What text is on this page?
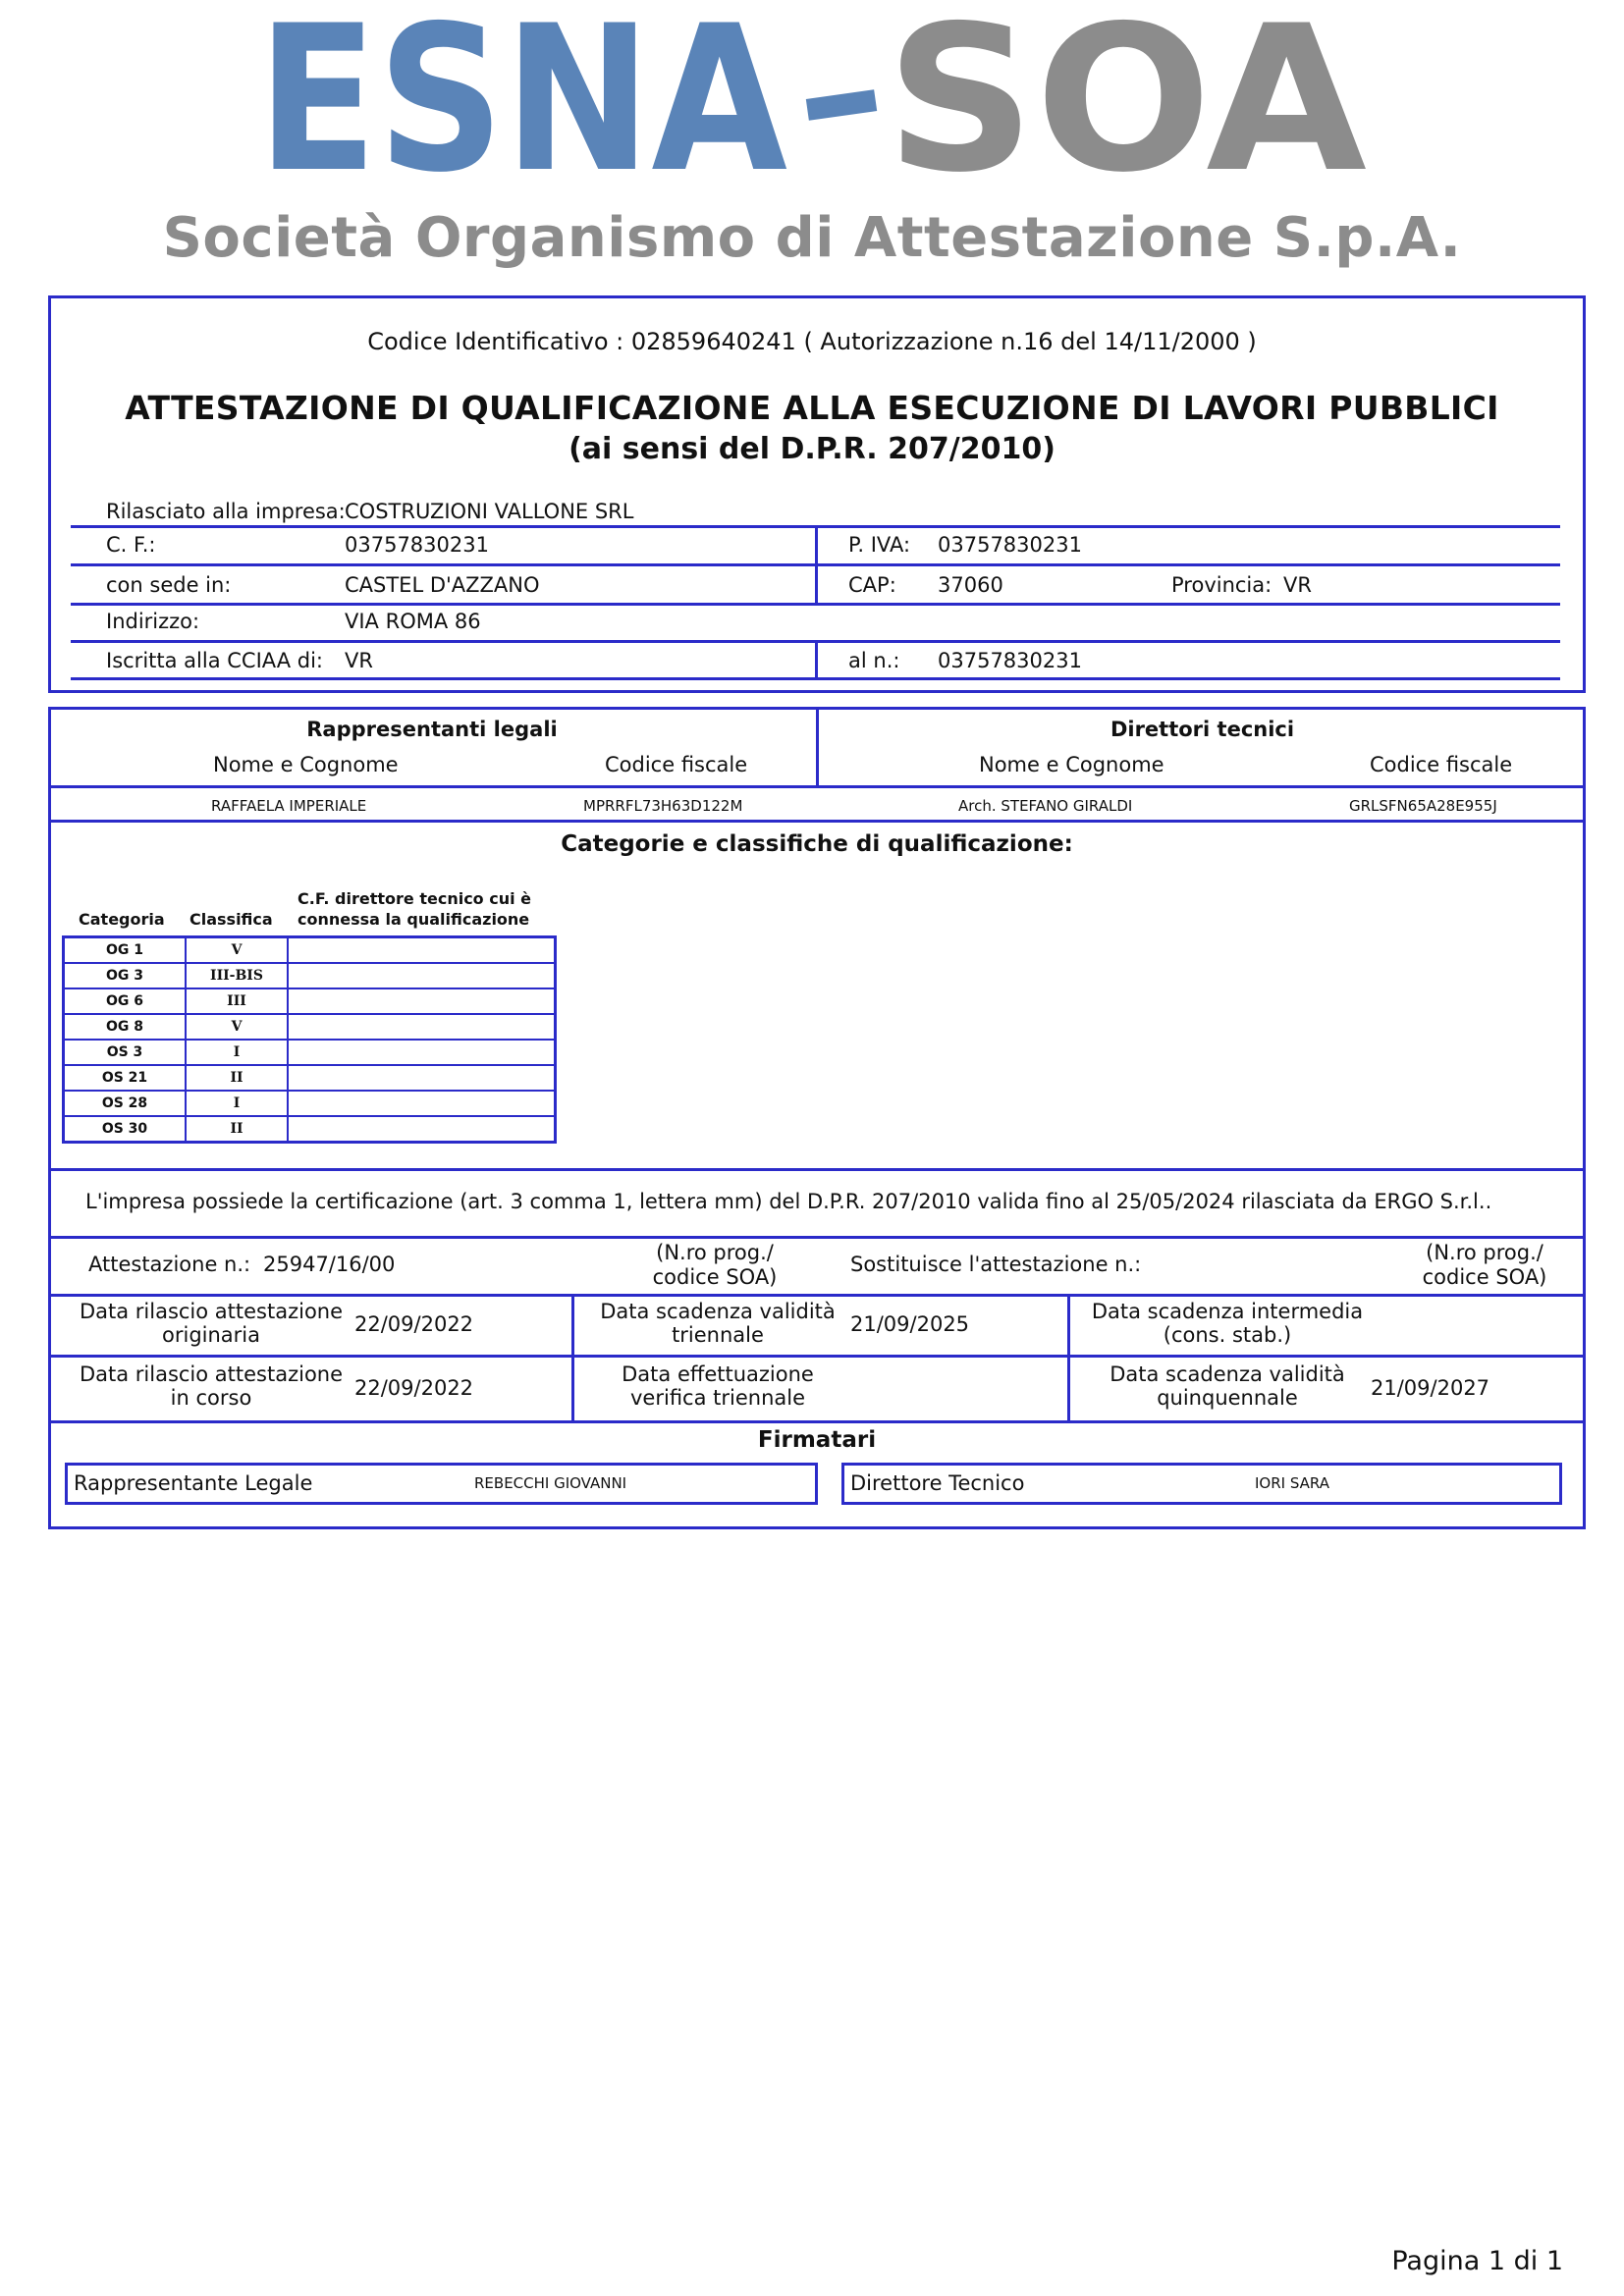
ESNA SOA
Società Organismo di Attestazione S.p.A.
Codice Identificativo : 02859640241 ( Autorizzazione n.16 del 14/11/2000 )
ATTESTAZIONE DI QUALIFICAZIONE ALLA ESECUZIONE DI LAVORI PUBBLICI
(ai sensi del D.P.R. 207/2010)
Rilasciato alla impresa: COSTRUZIONI VALLONE SRL
C. F.:	03757830231	P. IVA: 03757830231
con sede in:	CASTEL D'AZZANO	CAP: 37060	Provincia: VR
Indirizzo:	VIA ROMA 86
Iscritta alla CCIAA di: VR	al n.: 03757830231
Rappresentanti legali	Direttori tecnici
Nome e Cognome	Codice fiscale	Nome e Cognome	Codice fiscale
RAFFAELA IMPERIALE	MPRRFL73H63D122M	Arch. STEFANO GIRALDI	GRLSFN65A28E955J
Categorie e classifiche di qualificazione:
Categoria Classifica
C.F. direttore tecnico cui è
connessa la qualificazione
OG 1	V	
OG 3	III-BIS	
OG 6	III	
OG 8	V	
OS 3	I	
OS 21	II	
OS 28	I	
OS 30	II	
L'impresa possiede la certificazione (art. 3 comma 1, lettera mm) del D.P.R. 207/2010 valida fino al 25/05/2024 rilasciata da ERGO S.r.l..
Attestazione n.: 25947/16/00	(N.ro prog./
codice SOA)
Sostituisce l'attestazione n.:	(N.ro prog./
codice SOA)
Data rilascio attestazione
originaria	22/09/2022
Data scadenza validità
triennale	21/09/2025
Data scadenza intermedia
(cons. stab.)
Data rilascio attestazione
in corso	22/09/2022
Data effettuazione
verifica triennale
Data scadenza validità
quinquennale	21/09/2027
Firmatari
Rappresentante Legale	REBECCHI GIOVANNI	Direttore Tecnico	IORI SARA
Pagina 1 di 1
